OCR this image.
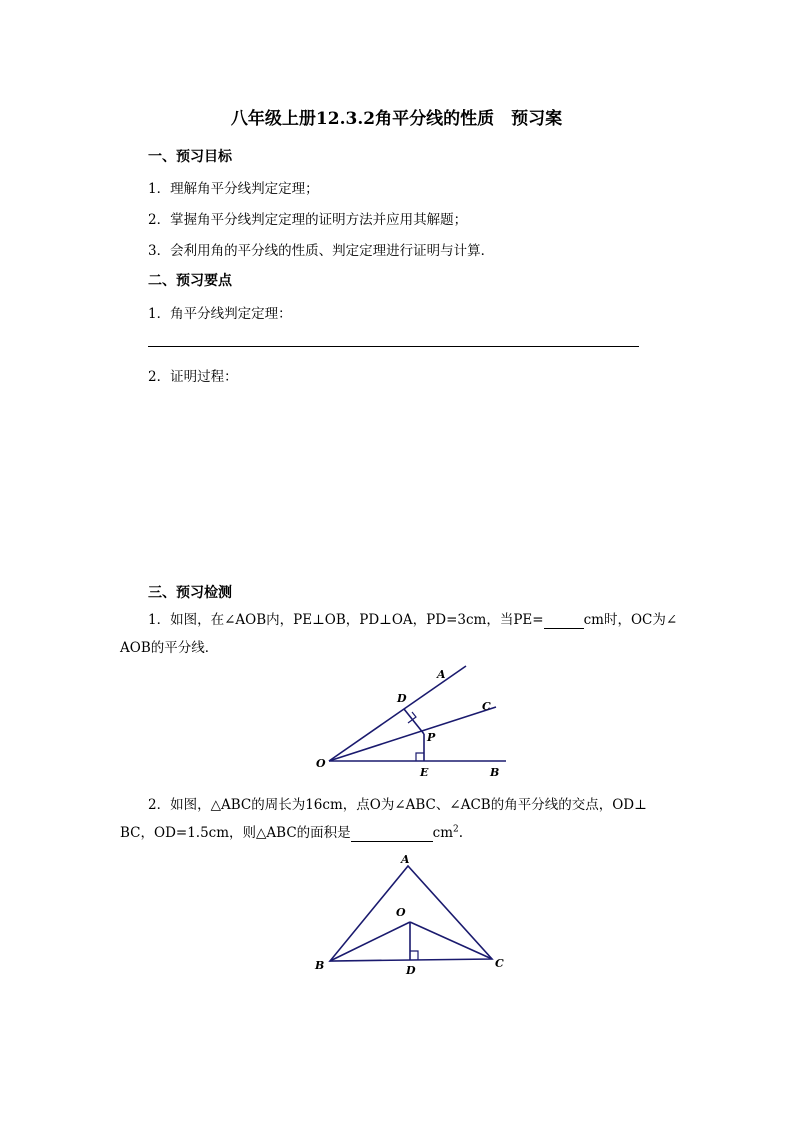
八年级上册12.3.2角平分线的性质　预习案
一、预习目标
1．理解角平分线判定定理；
2．掌握角平分线判定定理的证明方法并应用其解题；
3．会利用角的平分线的性质、判定定理进行证明与计算．
二、预习要点
1．角平分线判定定理：
2．证明过程：
三、预习检测
1．如图，在∠AOB内，PE⊥OB，PD⊥OA，PD=3cm，当PE=	cm时，OC为∠
AOB的平分线．
O
A
B
C
D
E
P
2．如图，△ABC的周长为16cm，点O为∠ABC、∠ACB的角平分线的交点，OD⊥
BC，OD=1.5cm，则△ABC的面积是	$cm^2$.
A
B	C
O
D
